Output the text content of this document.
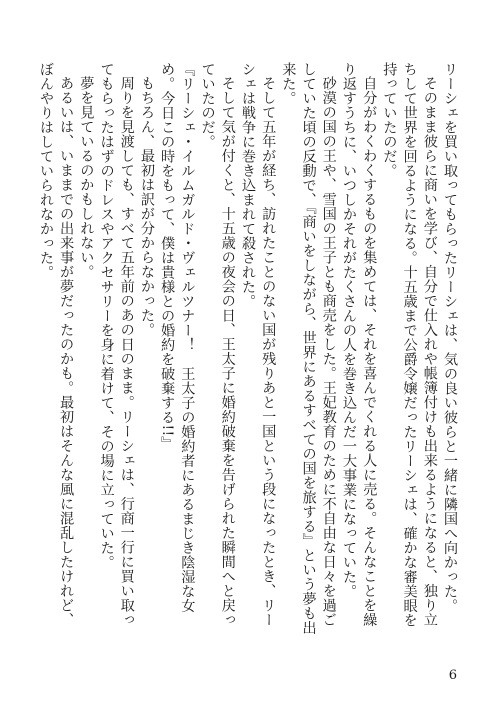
リーシェを買い取ってもらったリーシェは、気の良い彼らと一緒に隣国へ向かった。

そのまま彼らに商いを学び、自分で仕入れや帳簿付けも出来るようになると、独り立ちして世界を回るようになる。十五歳まで公爵令嬢だったリーシェは、確かな審美眼を持っていたのだ。

自分がわくわくするものを集めては、それを喜んでくれる人に売る。そんなことを繰り返すうちに、いつしかそれがたくさんの人を巻き込んだ一大事業になっていた。

砂漠の国の王や、雪国の王子とも商売をした。王妃教育のために不自由な日々を過ごしていた頃の反動で、『商いをしながら、世界にあるすべての国を旅する』という夢も出来た。

そして五年が経ち、訪れたことのない国が残りあと一国という段になったとき、リーシェは戦争に巻き込まれて殺された。

そして気が付くと、十五歳の夜会の日、王太子に婚約破棄を告げられた瞬間へと戻っていたのだ。

『リーシェ・イルムガルド・ヴェルツナー！　王太子の婚約者にあるまじき陰湿な女め。今日この時をもって、僕は貴様との婚約を破棄する!!』

もちろん、最初は訳が分からなかった。

周りを見渡しても、すべて五年前のあの日のまま。リーシェは、行商一行に買い取ってもらったはずのドレスやアクセサリーを身に着けて、その場に立っていた。

夢を見ているのかもしれない。

あるいは、いままでの出来事が夢だったのかも。最初はそんな風に混乱したけれど、ぼんやりはしていられなかった。

6
